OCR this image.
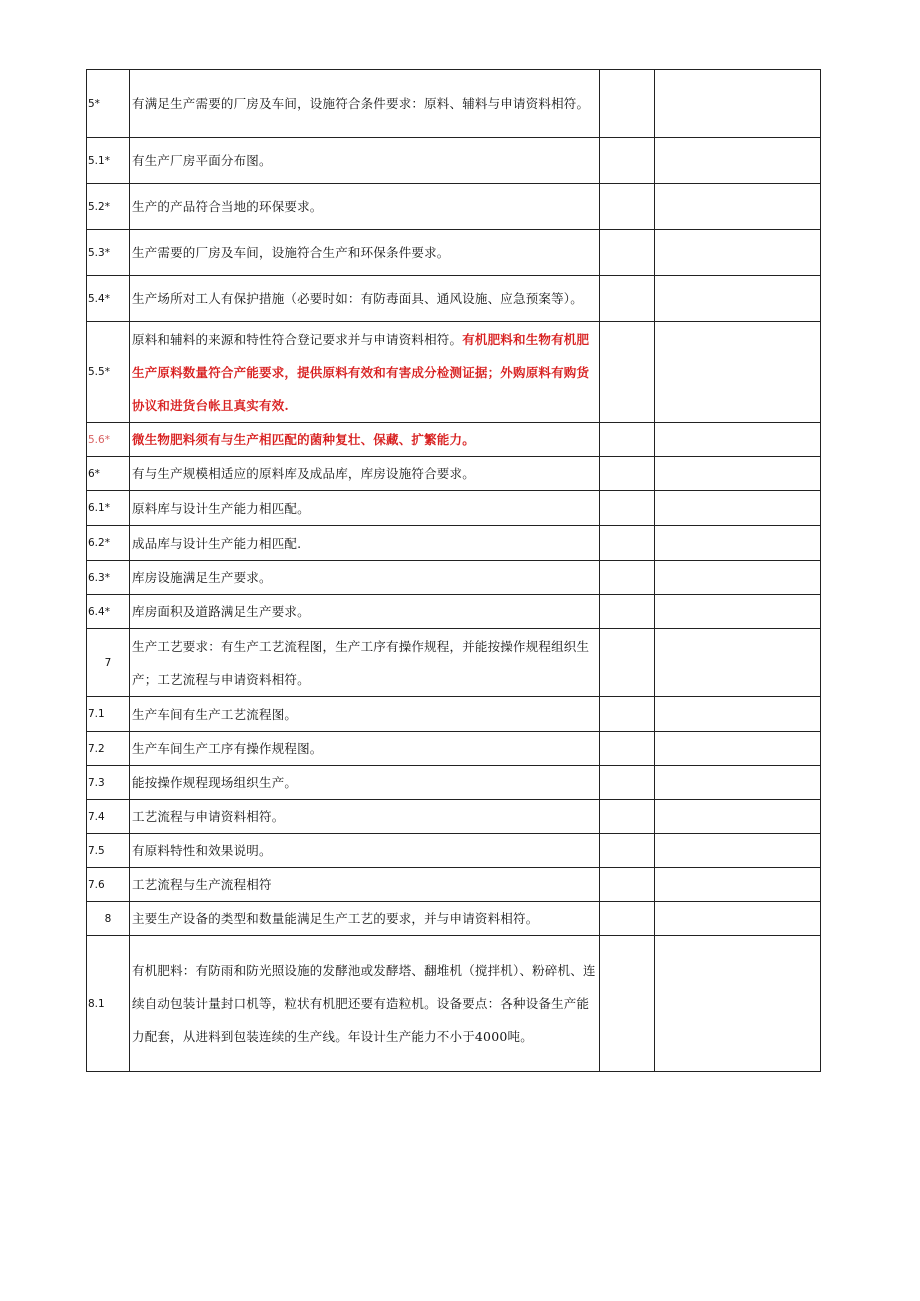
5*	有满足生产需要的厂房及车间，设施符合条件要求：原料、辅料与申请资料相符。		
5.1*	有生产厂房平面分布图。		
5.2*	生产的产品符合当地的环保要求。		
5.3*	生产需要的厂房及车间，设施符合生产和环保条件要求。		
5.4*	生产场所对工人有保护措施（必要时如：有防毒面具、通风设施、应急预案等）。		
5.5*	原料和辅料的来源和特性符合登记要求并与申请资料相符。有机肥料和生物有机肥生产原料数量符合产能要求，提供原料有效和有害成分检测证据；外购原料有购货协议和进货台帐且真实有效.		
5.6*	微生物肥料须有与生产相匹配的菌种复壮、保藏、扩繁能力。		
6*	有与生产规模相适应的原料库及成品库，库房设施符合要求。		
6.1*	原料库与设计生产能力相匹配。		
6.2*	成品库与设计生产能力相匹配.		
6.3*	库房设施满足生产要求。		
6.4*	库房面积及道路满足生产要求。		
7	生产工艺要求：有生产工艺流程图，生产工序有操作规程，并能按操作规程组织生产；工艺流程与申请资料相符。		
7.1	生产车间有生产工艺流程图。		
7.2	生产车间生产工序有操作规程图。		
7.3	能按操作规程现场组织生产。		
7.4	工艺流程与申请资料相符。		
7.5	有原料特性和效果说明。		
7.6	工艺流程与生产流程相符		
8	主要生产设备的类型和数量能满足生产工艺的要求，并与申请资料相符。		
8.1	有机肥料：有防雨和防光照设施的发酵池或发酵塔、翻堆机（搅拌机）、粉碎机、连续自动包装计量封口机等，粒状有机肥还要有造粒机。设备要点：各种设备生产能力配套，从进料到包装连续的生产线。年设计生产能力不小于4000吨。		
